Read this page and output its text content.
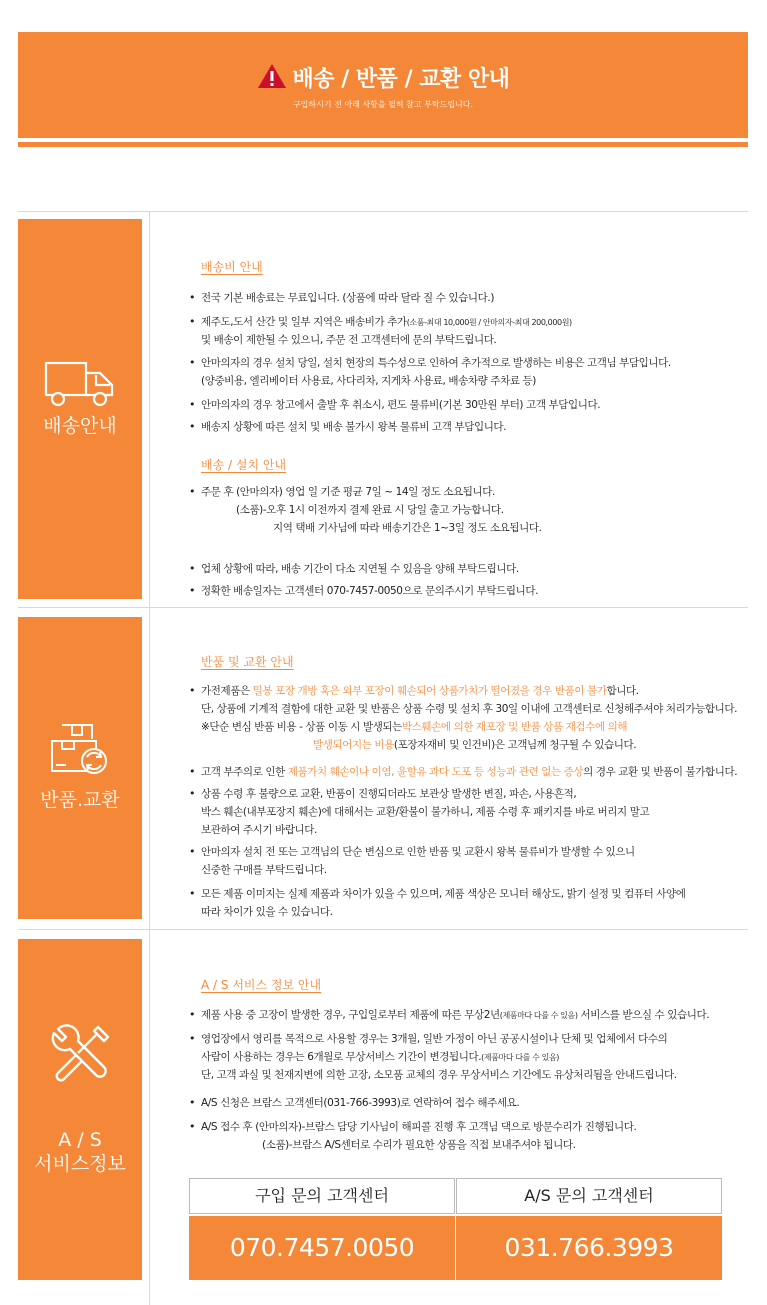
배송 / 반품 / 교환 안내
구입하시기 전 아래 사항을 필히 참고 부탁드립니다.
배송안내
배송비 안내
• 전국 기본 배송료는 무료입니다. (상품에 따라 달라 질 수 있습니다.)
• 제주도,도서 산간 및 일부 지역은 배송비가 추가(소품-최대 10,000원 / 안마의자-최대 200,000원)
및 배송이 제한될 수 있으니, 주문 전 고객센터에 문의 부탁드립니다.
• 안마의자의 경우 설치 당일, 설치 현장의 특수성으로 인하여 추가적으로 발생하는 비용은 고객님 부담입니다.
(양중비용, 엘리베이터 사용료, 사다리차, 지게차 사용료, 배송차량 주차료 등)
• 안마의자의 경우 창고에서 출발 후 취소시, 편도 물류비(기본 30만원 부터) 고객 부담입니다.
• 배송지 상황에 따른 설치 및 배송 불가시 왕복 물류비 고객 부담입니다.
배송 / 설치 안내
• 주문 후 (안마의자) 영업 일 기준 평균 7일 ~ 14일 정도 소요됩니다.
(소품)-오후 1시 이전까지 결제 완료 시 당일 출고 가능합니다.
지역 택배 기사님에 따라 배송기간은 1~3일 정도 소요됩니다.
• 업체 상황에 따라, 배송 기간이 다소 지연될 수 있음을 양해 부탁드립니다.
• 정확한 배송일자는 고객센터 070-7457-0050으로 문의주시기 부탁드립니다.
반품.교환
반품 및 교환 안내
• 가전제품은 밀봉 포장 개방 혹은 외부 포장이 훼손되어 상품가치가 떨어졌을 경우 반품이 불가합니다.
단, 상품에 기계적 결함에 대한 교환 및 반품은 상품 수령 및 설치 후 30일 이내에 고객센터로 신청해주셔야 처리가능합니다.
※단순 변심 반품 비용 - 상품 이동 시 발생되는박스훼손에 의한 재포장 및 반품 상품 재검수에 의해
발생되어지는 비용(포장자재비 및 인건비)은 고객님께 청구될 수 있습니다.
• 고객 부주의로 인한 제품가치 훼손이나 이염, 윤할유 과다 도포 등 성능과 관련 없는 증상의 경우 교환 및 반품이 불가합니다.
• 상품 수령 후 불량으로 교환, 반품이 진행되더라도 보관상 발생한 변질, 파손, 사용흔적,
박스 훼손(내부포장지 훼손)에 대해서는 교환/환불이 불가하니, 제품 수령 후 패키지를 바로 버리지 말고
보관하여 주시기 바랍니다.
• 안마의자 설치 전 또는 고객님의 단순 변심으로 인한 반품 및 교환시 왕복 물류비가 발생할 수 있으니
신중한 구매를 부탁드립니다.
• 모든 제품 이미지는 실제 제품과 차이가 있을 수 있으며, 제품 색상은 모니터 해상도, 밝기 설정 및 컴퓨터 사양에
따라 차이가 있을 수 있습니다.
A / S
서비스정보
A / S 서비스 정보 안내
• 제품 사용 중 고장이 발생한 경우, 구입일로부터 제품에 따른 무상2년(제품마다 다를 수 있음) 서비스를 받으실 수 있습니다.
• 영업장에서 영리를 목적으로 사용할 경우는 3개월, 일반 가정이 아닌 공공시설이나 단체 및 업체에서 다수의
사람이 사용하는 경우는 6개월로 무상서비스 기간이 변경됩니다.(제품마다 다를 수 있음)
단, 고객 과실 및 천재지변에 의한 고장, 소모품 교체의 경우 무상서비스 기간에도 유상처리됨을 안내드립니다.
• A/S 신청은 브람스 고객센터(031-766-3993)로 연락하여 접수 해주세요.
• A/S 접수 후 (안마의자)-브람스 담당 기사님이 해피콜 진행 후 고객님 댁으로 방문수리가 진행됩니다.
(소품)-브람스 A/S센터로 수리가 필요한 상품을 직접 보내주셔야 됩니다.
구입 문의 고객센터	A/S 문의 고객센터
070.7457.0050	031.766.3993
